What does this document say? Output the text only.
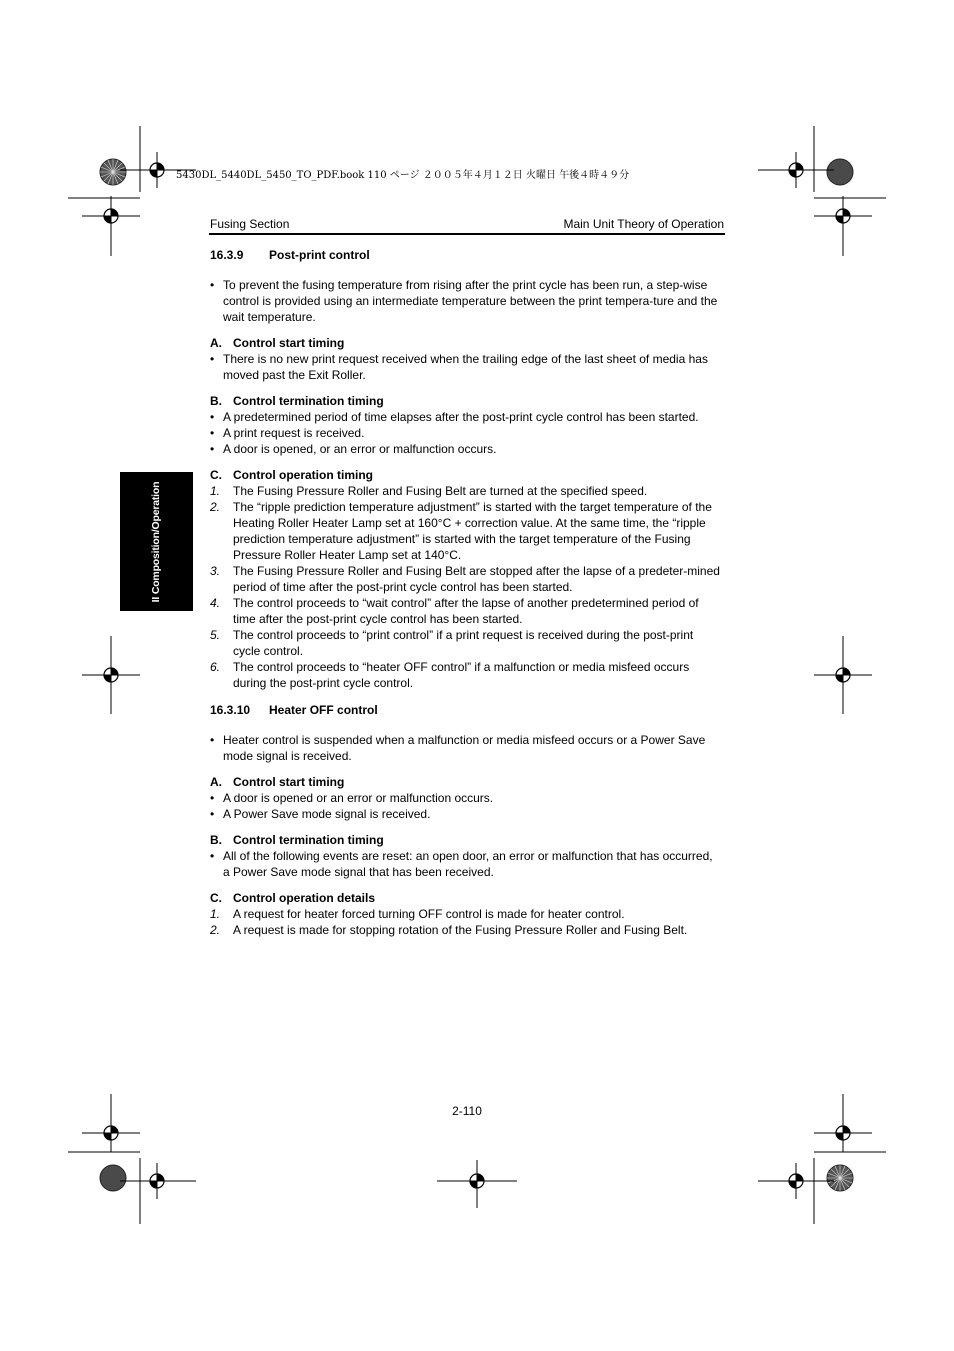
5430DL_5440DL_5450_TO_PDF.book 110 ページ ２００５年４月１２日 火曜日 午後４時４９分
Fusing Section	Main Unit Theory of Operation
II Composition/Operation
16.3.9 Post-print control
• To prevent the fusing temperature from rising after the print cycle has been run, a step-wise control is provided using an intermediate temperature between the print tempera-ture and the wait temperature.
A. Control start timing
• There is no new print request received when the trailing edge of the last sheet of media has moved past the Exit Roller.
B. Control termination timing
• A predetermined period of time elapses after the post-print cycle control has been started.
• A print request is received.
• A door is opened, or an error or malfunction occurs.
C. Control operation timing
1. The Fusing Pressure Roller and Fusing Belt are turned at the specified speed.
2. The “ripple prediction temperature adjustment” is started with the target temperature of the Heating Roller Heater Lamp set at 160°C + correction value. At the same time, the “ripple prediction temperature adjustment” is started with the target temperature of the Fusing Pressure Roller Heater Lamp set at 140°C.
3. The Fusing Pressure Roller and Fusing Belt are stopped after the lapse of a predeter-mined period of time after the post-print cycle control has been started.
4. The control proceeds to “wait control” after the lapse of another predetermined period of time after the post-print cycle control has been started.
5. The control proceeds to “print control” if a print request is received during the post-print cycle control.
6. The control proceeds to “heater OFF control” if a malfunction or media misfeed occurs during the post-print cycle control.
16.3.10 Heater OFF control
• Heater control is suspended when a malfunction or media misfeed occurs or a Power Save mode signal is received.
A. Control start timing
• A door is opened or an error or malfunction occurs.
• A Power Save mode signal is received.
B. Control termination timing
• All of the following events are reset: an open door, an error or malfunction that has occurred, a Power Save mode signal that has been received.
C. Control operation details
1. A request for heater forced turning OFF control is made for heater control.
2. A request is made for stopping rotation of the Fusing Pressure Roller and Fusing Belt.
2-110
